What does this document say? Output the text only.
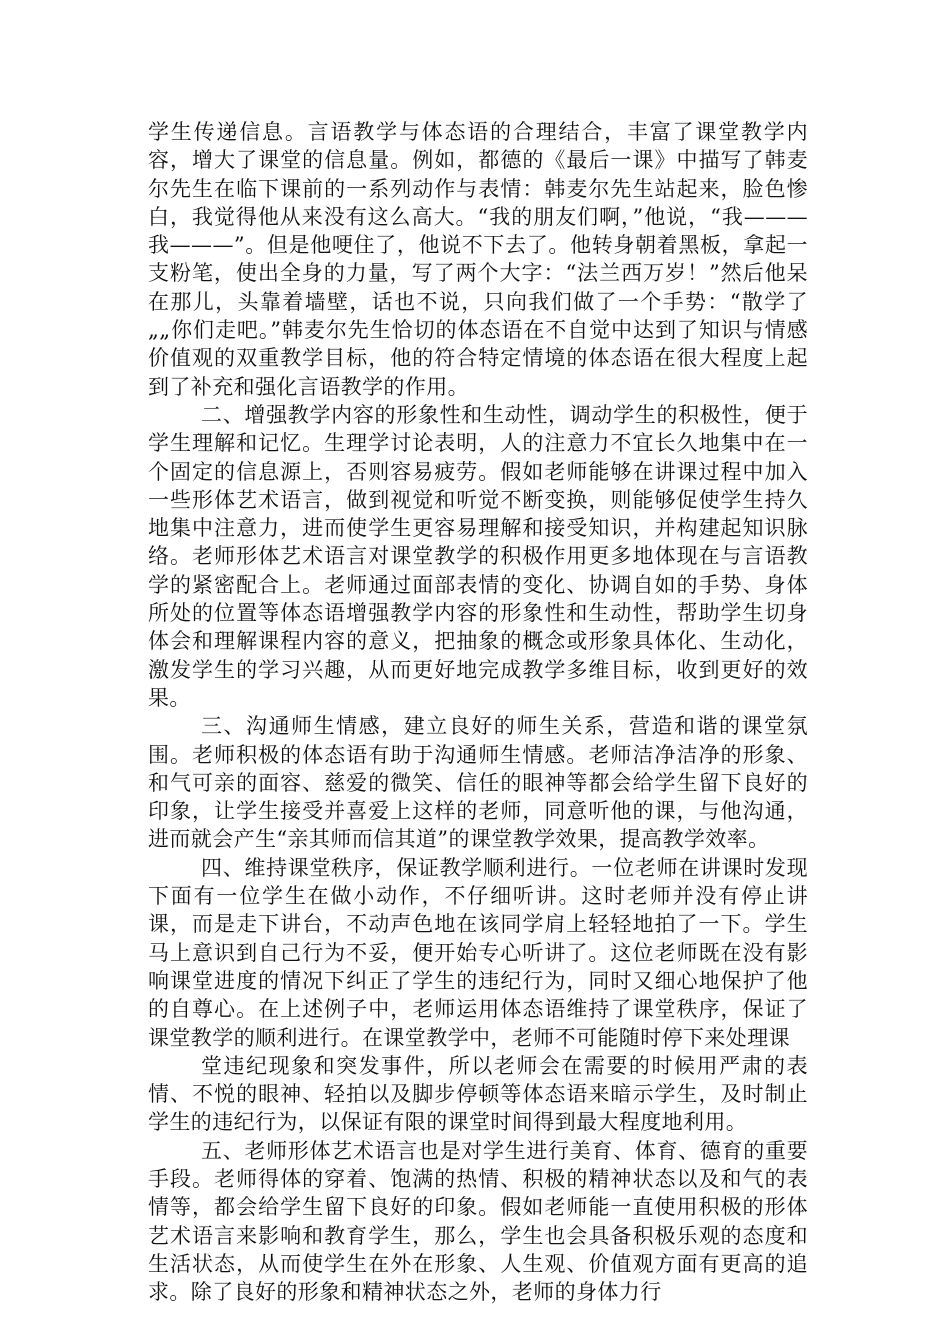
学生传递信息。言语教学与体态语的合理结合，丰富了课堂教学内容，增大了课堂的信息量。例如，都德的《最后一课》中描写了韩麦尔先生在临下课前的一系列动作与表情：韩麦尔先生站起来，脸色惨白，我觉得他从来没有这么高大。“我的朋友们啊，”他说，“我———我———”。但是他哽住了，他说不下去了。他转身朝着黑板，拿起一支粉笔，使出全身的力量，写了两个大字：“法兰西万岁！”然后他呆在那儿，头靠着墙壁，话也不说，只向我们做了一个手势：“散学了„„你们走吧。”韩麦尔先生恰切的体态语在不自觉中达到了知识与情感价值观的双重教学目标，他的符合特定情境的体态语在很大程度上起到了补充和强化言语教学的作用。

二、增强教学内容的形象性和生动性，调动学生的积极性，便于学生理解和记忆。生理学讨论表明，人的注意力不宜长久地集中在一个固定的信息源上，否则容易疲劳。假如老师能够在讲课过程中加入一些形体艺术语言，做到视觉和听觉不断变换，则能够促使学生持久地集中注意力，进而使学生更容易理解和接受知识，并构建起知识脉络。老师形体艺术语言对课堂教学的积极作用更多地体现在与言语教学的紧密配合上。老师通过面部表情的变化、协调自如的手势、身体所处的位置等体态语增强教学内容的形象性和生动性，帮助学生切身体会和理解课程内容的意义，把抽象的概念或形象具体化、生动化，激发学生的学习兴趣，从而更好地完成教学多维目标，收到更好的效果。

三、沟通师生情感，建立良好的师生关系，营造和谐的课堂氛围。老师积极的体态语有助于沟通师生情感。老师洁净洁净的形象、和气可亲的面容、慈爱的微笑、信任的眼神等都会给学生留下良好的印象，让学生接受并喜爱上这样的老师，同意听他的课，与他沟通，进而就会产生“亲其师而信其道”的课堂教学效果，提高教学效率。

四、维持课堂秩序，保证教学顺利进行。一位老师在讲课时发现下面有一位学生在做小动作，不仔细听讲。这时老师并没有停止讲课，而是走下讲台，不动声色地在该同学肩上轻轻地拍了一下。学生马上意识到自己行为不妥，便开始专心听讲了。这位老师既在没有影响课堂进度的情况下纠正了学生的违纪行为，同时又细心地保护了他的自尊心。在上述例子中，老师运用体态语维持了课堂秩序，保证了课堂教学的顺利进行。在课堂教学中，老师不可能随时停下来处理课

堂违纪现象和突发事件，所以老师会在需要的时候用严肃的表情、不悦的眼神、轻拍以及脚步停顿等体态语来暗示学生，及时制止学生的违纪行为，以保证有限的课堂时间得到最大程度地利用。

五、老师形体艺术语言也是对学生进行美育、体育、德育的重要手段。老师得体的穿着、饱满的热情、积极的精神状态以及和气的表情等，都会给学生留下良好的印象。假如老师能一直使用积极的形体艺术语言来影响和教育学生，那么，学生也会具备积极乐观的态度和生活状态，从而使学生在外在形象、人生观、价值观方面有更高的追求。除了良好的形象和精神状态之外，老师的身体力行
